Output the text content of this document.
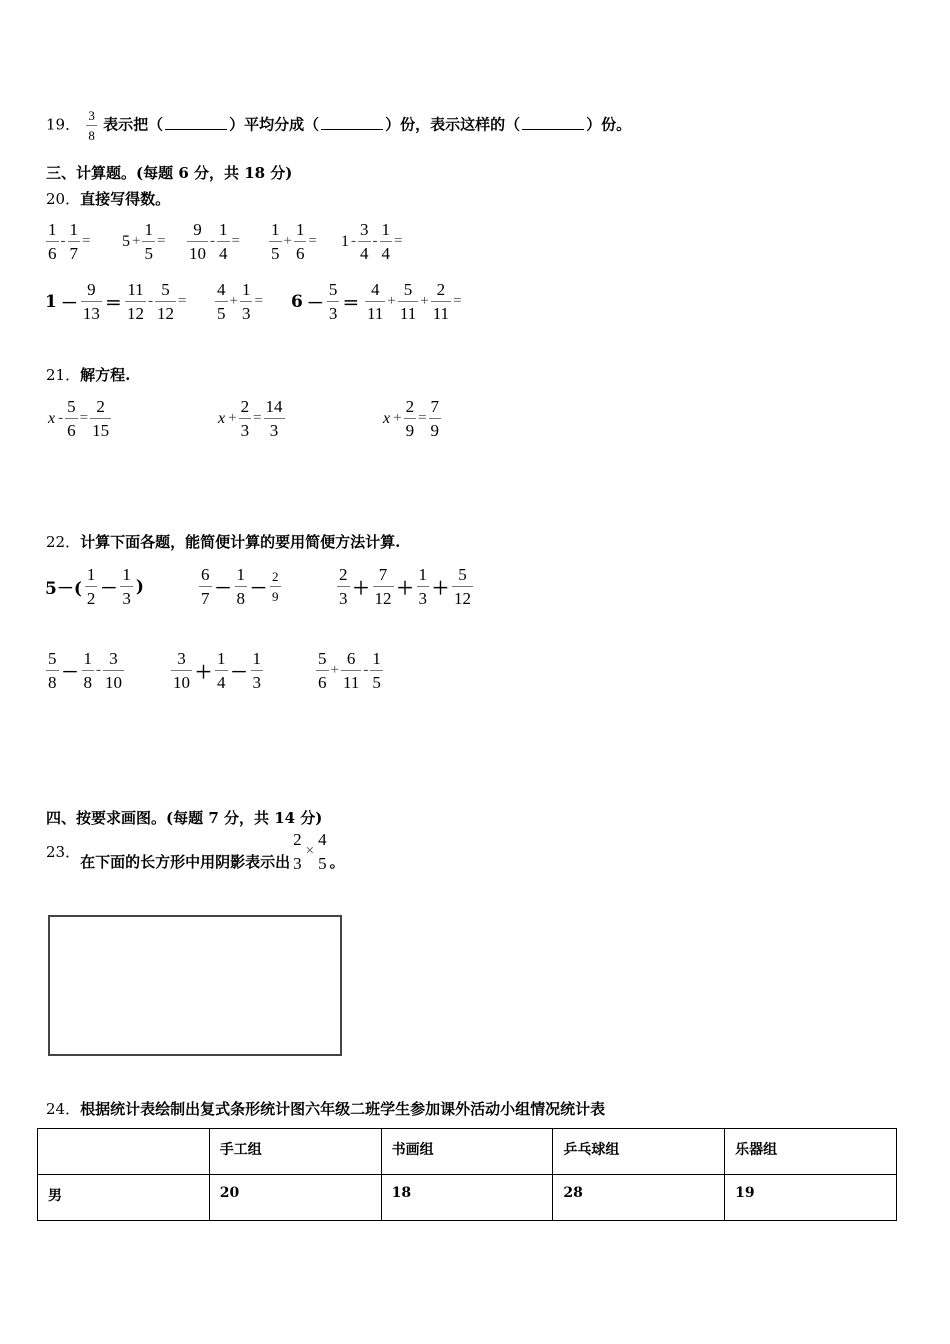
19． $\frac{3}{8}$ 表示把（	）平均分成（	）份，表示这样的（	）份。
三、计算题。(每题 6 分，共 18 分)
20．直接写得数。
$\frac{1}{6} - \frac{1}{7} = 5 + \frac{1}{5} = \frac{9}{10} - \frac{1}{4} = \frac{1}{5} + \frac{1}{6} = 1 - \frac{3}{4} - \frac{1}{4}$ =
$1 - \frac{9}{13} = \frac{11}{12} - \frac{5}{12} = \frac{4}{5} + \frac{1}{3} = 6 - \frac{5}{3} = \frac{4}{11} + \frac{5}{11} + \frac{2}{11}$ =
21．解方程.
$x - \frac{5}{6} = \frac{2}{15}$	$x + \frac{2}{3} = \frac{14}{3}$	$x + \frac{2}{9} = \frac{7}{9}$
22．计算下面各题，能简便计算的要用简便方法计算.
$5-( \frac{1}{2} - \frac{1}{3}$ )	$\frac{6}{7} - \frac{1}{8} - \frac{2}{9}$	$\frac{2}{3} + \frac{7}{12} + \frac{1}{3} + \frac{5}{12}$
$\frac{5}{8} - \frac{1}{8} - \frac{3}{10}$	$\frac{3}{10} + \frac{1}{4} - \frac{1}{3}$	$\frac{5}{6} + \frac{6}{11} - \frac{1}{5}$
四、按要求画图。(每题 7 分，共 14 分)
23．
在下面的长方形中用阴影表示出 $\frac{2}{3} \times \frac{4}{5}$ 。
24．根据统计表绘制出复式条形统计图六年级二班学生参加课外活动小组情况统计表
	手工组	书画组	乒乓球组	乐器组
男	20	18	28	19
